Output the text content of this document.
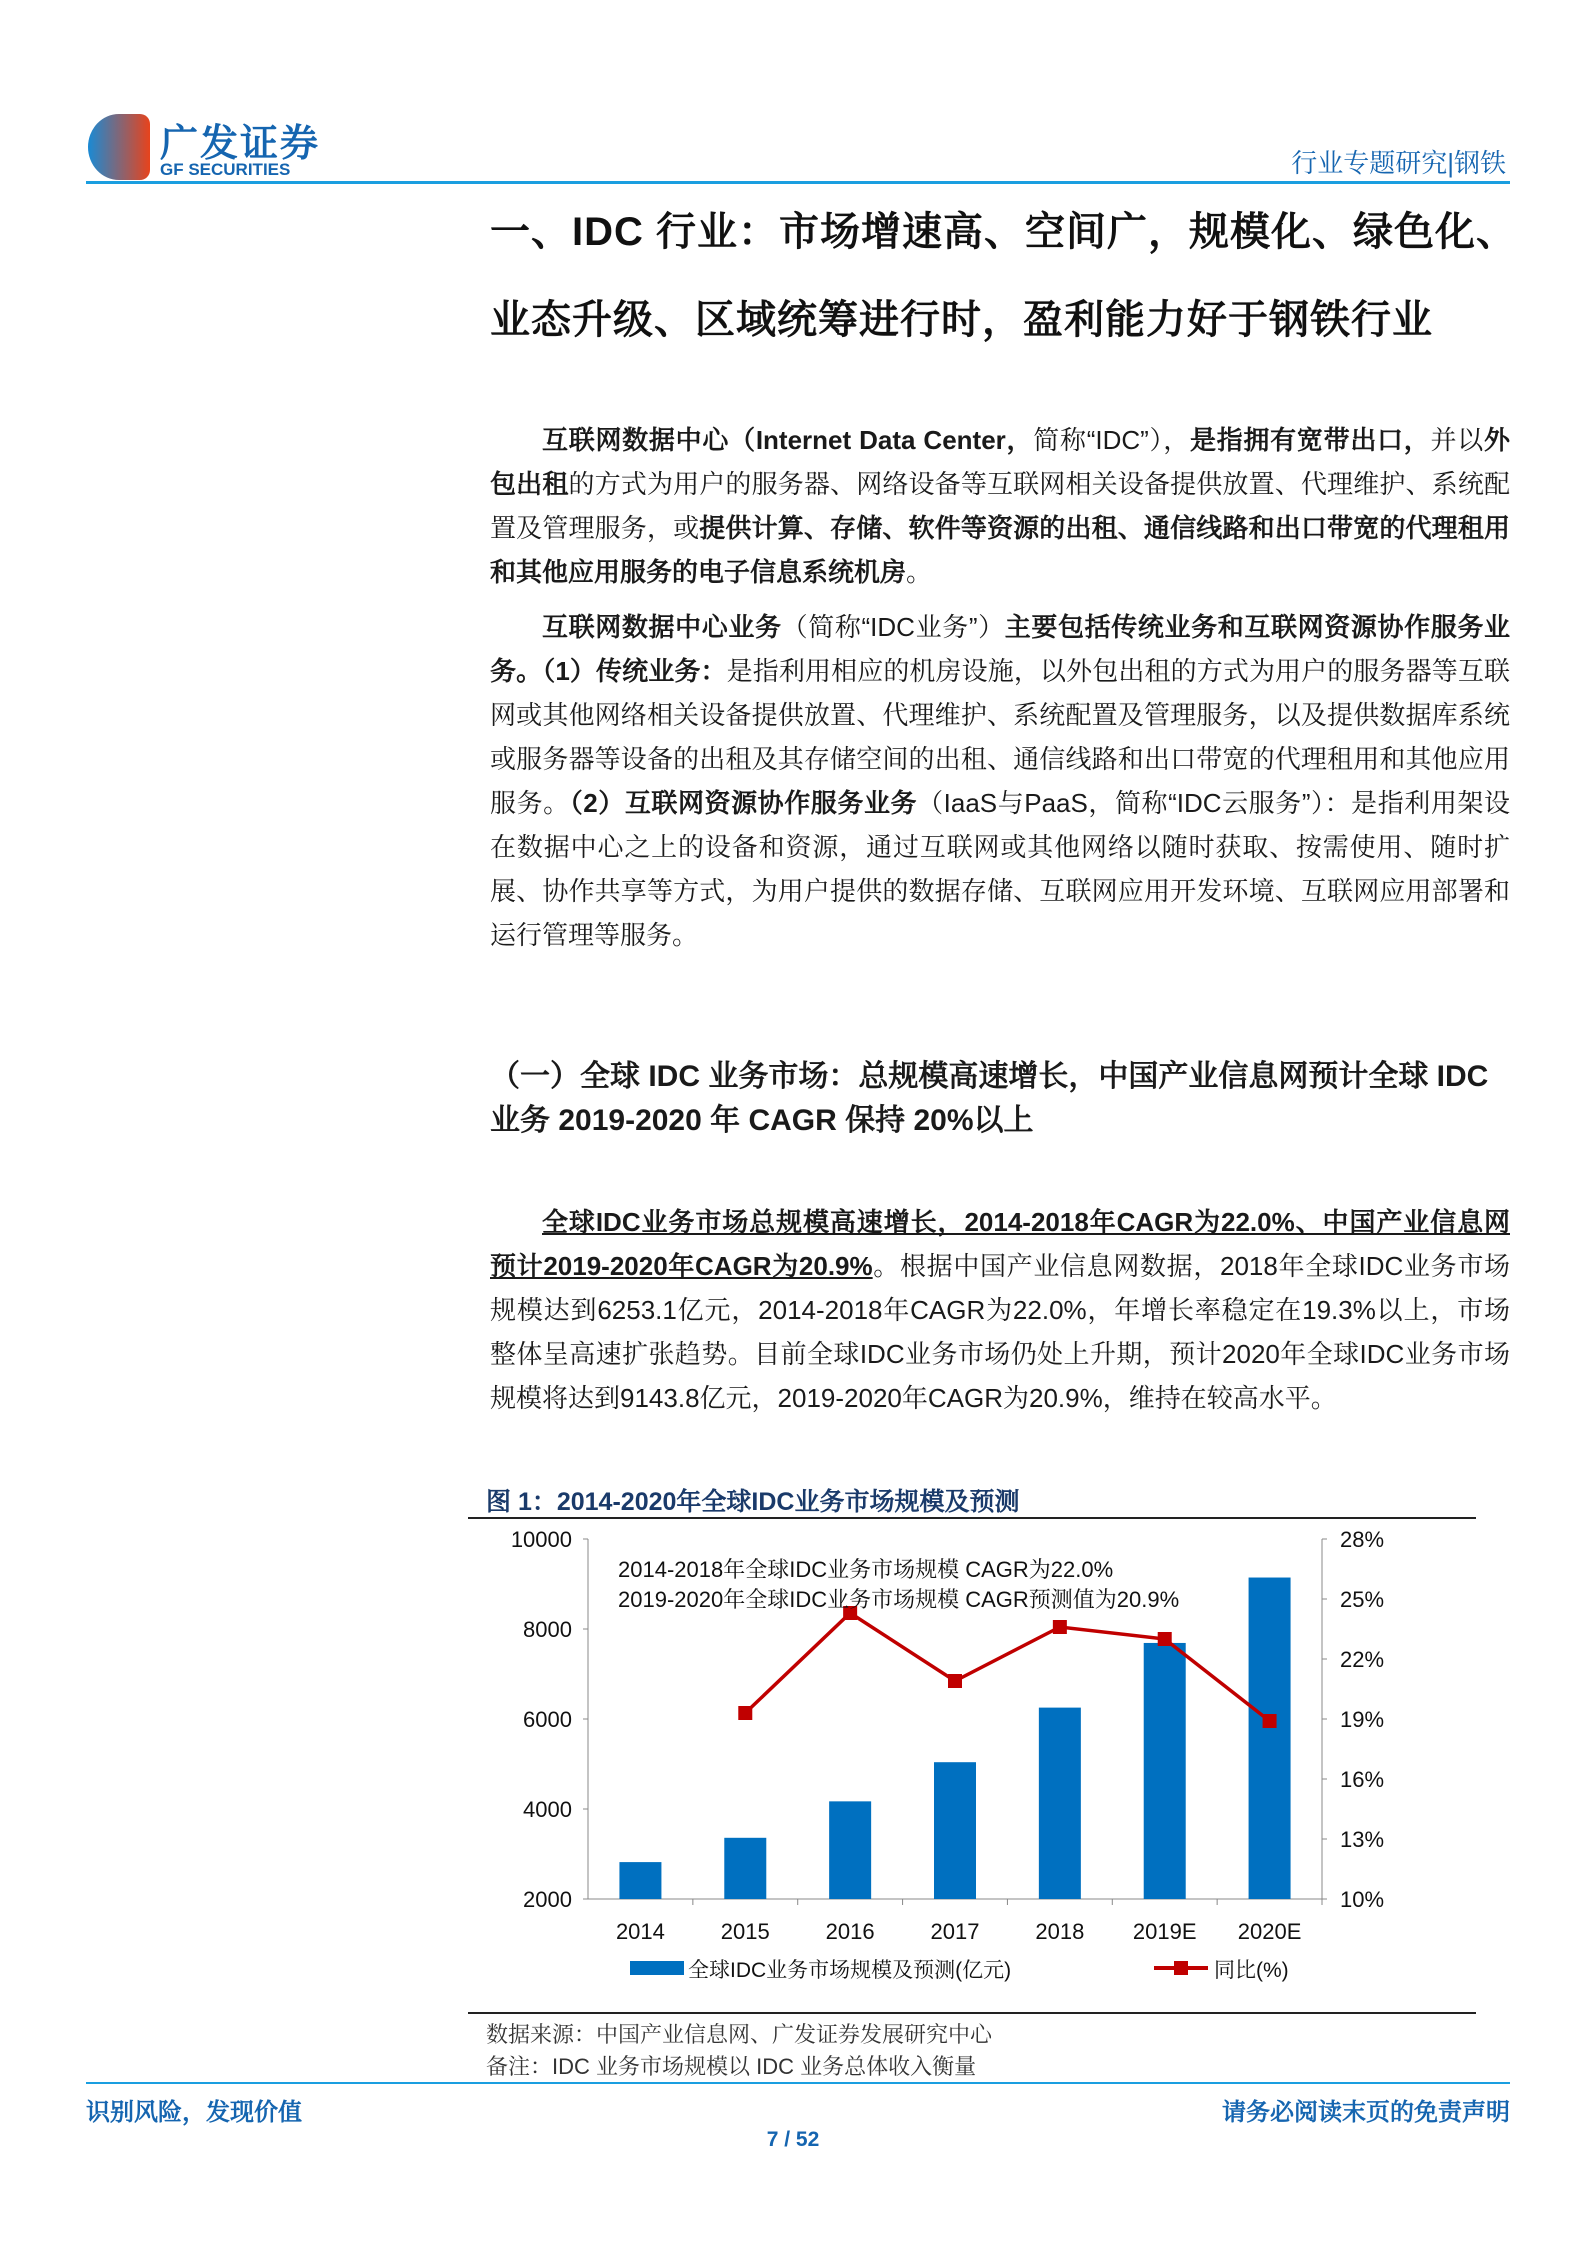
广发证券
GF SECURITIES	行业专题研究|钢铁
一、IDC 行业：市场增速高、空间广，规模化、绿色化、
业态升级、区域统筹进行时，盈利能力好于钢铁行业
互联网数据中心（Internet Data Center，简称“IDC”），是指拥有宽带出口，并以外包出租的方式为用户的服务器、网络设备等互联网相关设备提供放置、代理维护、系统配置及管理服务，或提供计算、存储、软件等资源的出租、通信线路和出口带宽的代理租用和其他应用服务的电子信息系统机房。
互联网数据中心业务（简称“IDC业务”）主要包括传统业务和互联网资源协作服务业务。（1）传统业务：是指利用相应的机房设施，以外包出租的方式为用户的服务器等互联网或其他网络相关设备提供放置、代理维护、系统配置及管理服务，以及提供数据库系统或服务器等设备的出租及其存储空间的出租、通信线路和出口带宽的代理租用和其他应用服务。（2）互联网资源协作服务业务（IaaS与PaaS，简称“IDC云服务”）：是指利用架设在数据中心之上的设备和资源，通过互联网或其他网络以随时获取、按需使用、随时扩展、协作共享等方式，为用户提供的数据存储、互联网应用开发环境、互联网应用部署和运行管理等服务。
（一）全球 IDC 业务市场：总规模高速增长，中国产业信息网预计全球 IDC 业务 2019-2020 年 CAGR 保持 20%以上
全球IDC业务市场总规模高速增长，2014-2018年CAGR为22.0%、中国产业信息网预计2019-2020年CAGR为20.9%。根据中国产业信息网数据，2018年全球IDC业务市场规模达到6253.1亿元，2014-2018年CAGR为22.0%，年增长率稳定在19.3%以上，市场整体呈高速扩张趋势。目前全球IDC业务市场仍处上升期，预计2020年全球IDC业务市场规模将达到9143.8亿元，2019-2020年CAGR为20.9%，维持在较高水平。
图 1：2014-2020年全球IDC业务市场规模及预测
2000
4000
6000
8000
10000
10%
13%
16%
19%
22%
25%
28%
2014	2015	2016	2017	2018 2019E 2020E
2014-2018年全球IDC业务市场规模 CAGR为22.0%
2019-2020年全球IDC业务市场规模 CAGR预测值为20.9%
全球IDC业务市场规模及预测(亿元)	同比(%)
数据来源：中国产业信息网、广发证券发展研究中心
备注：IDC 业务市场规模以 IDC 业务总体收入衡量
识别风险，发现价值	请务必阅读末页的免责声明
7 / 52
